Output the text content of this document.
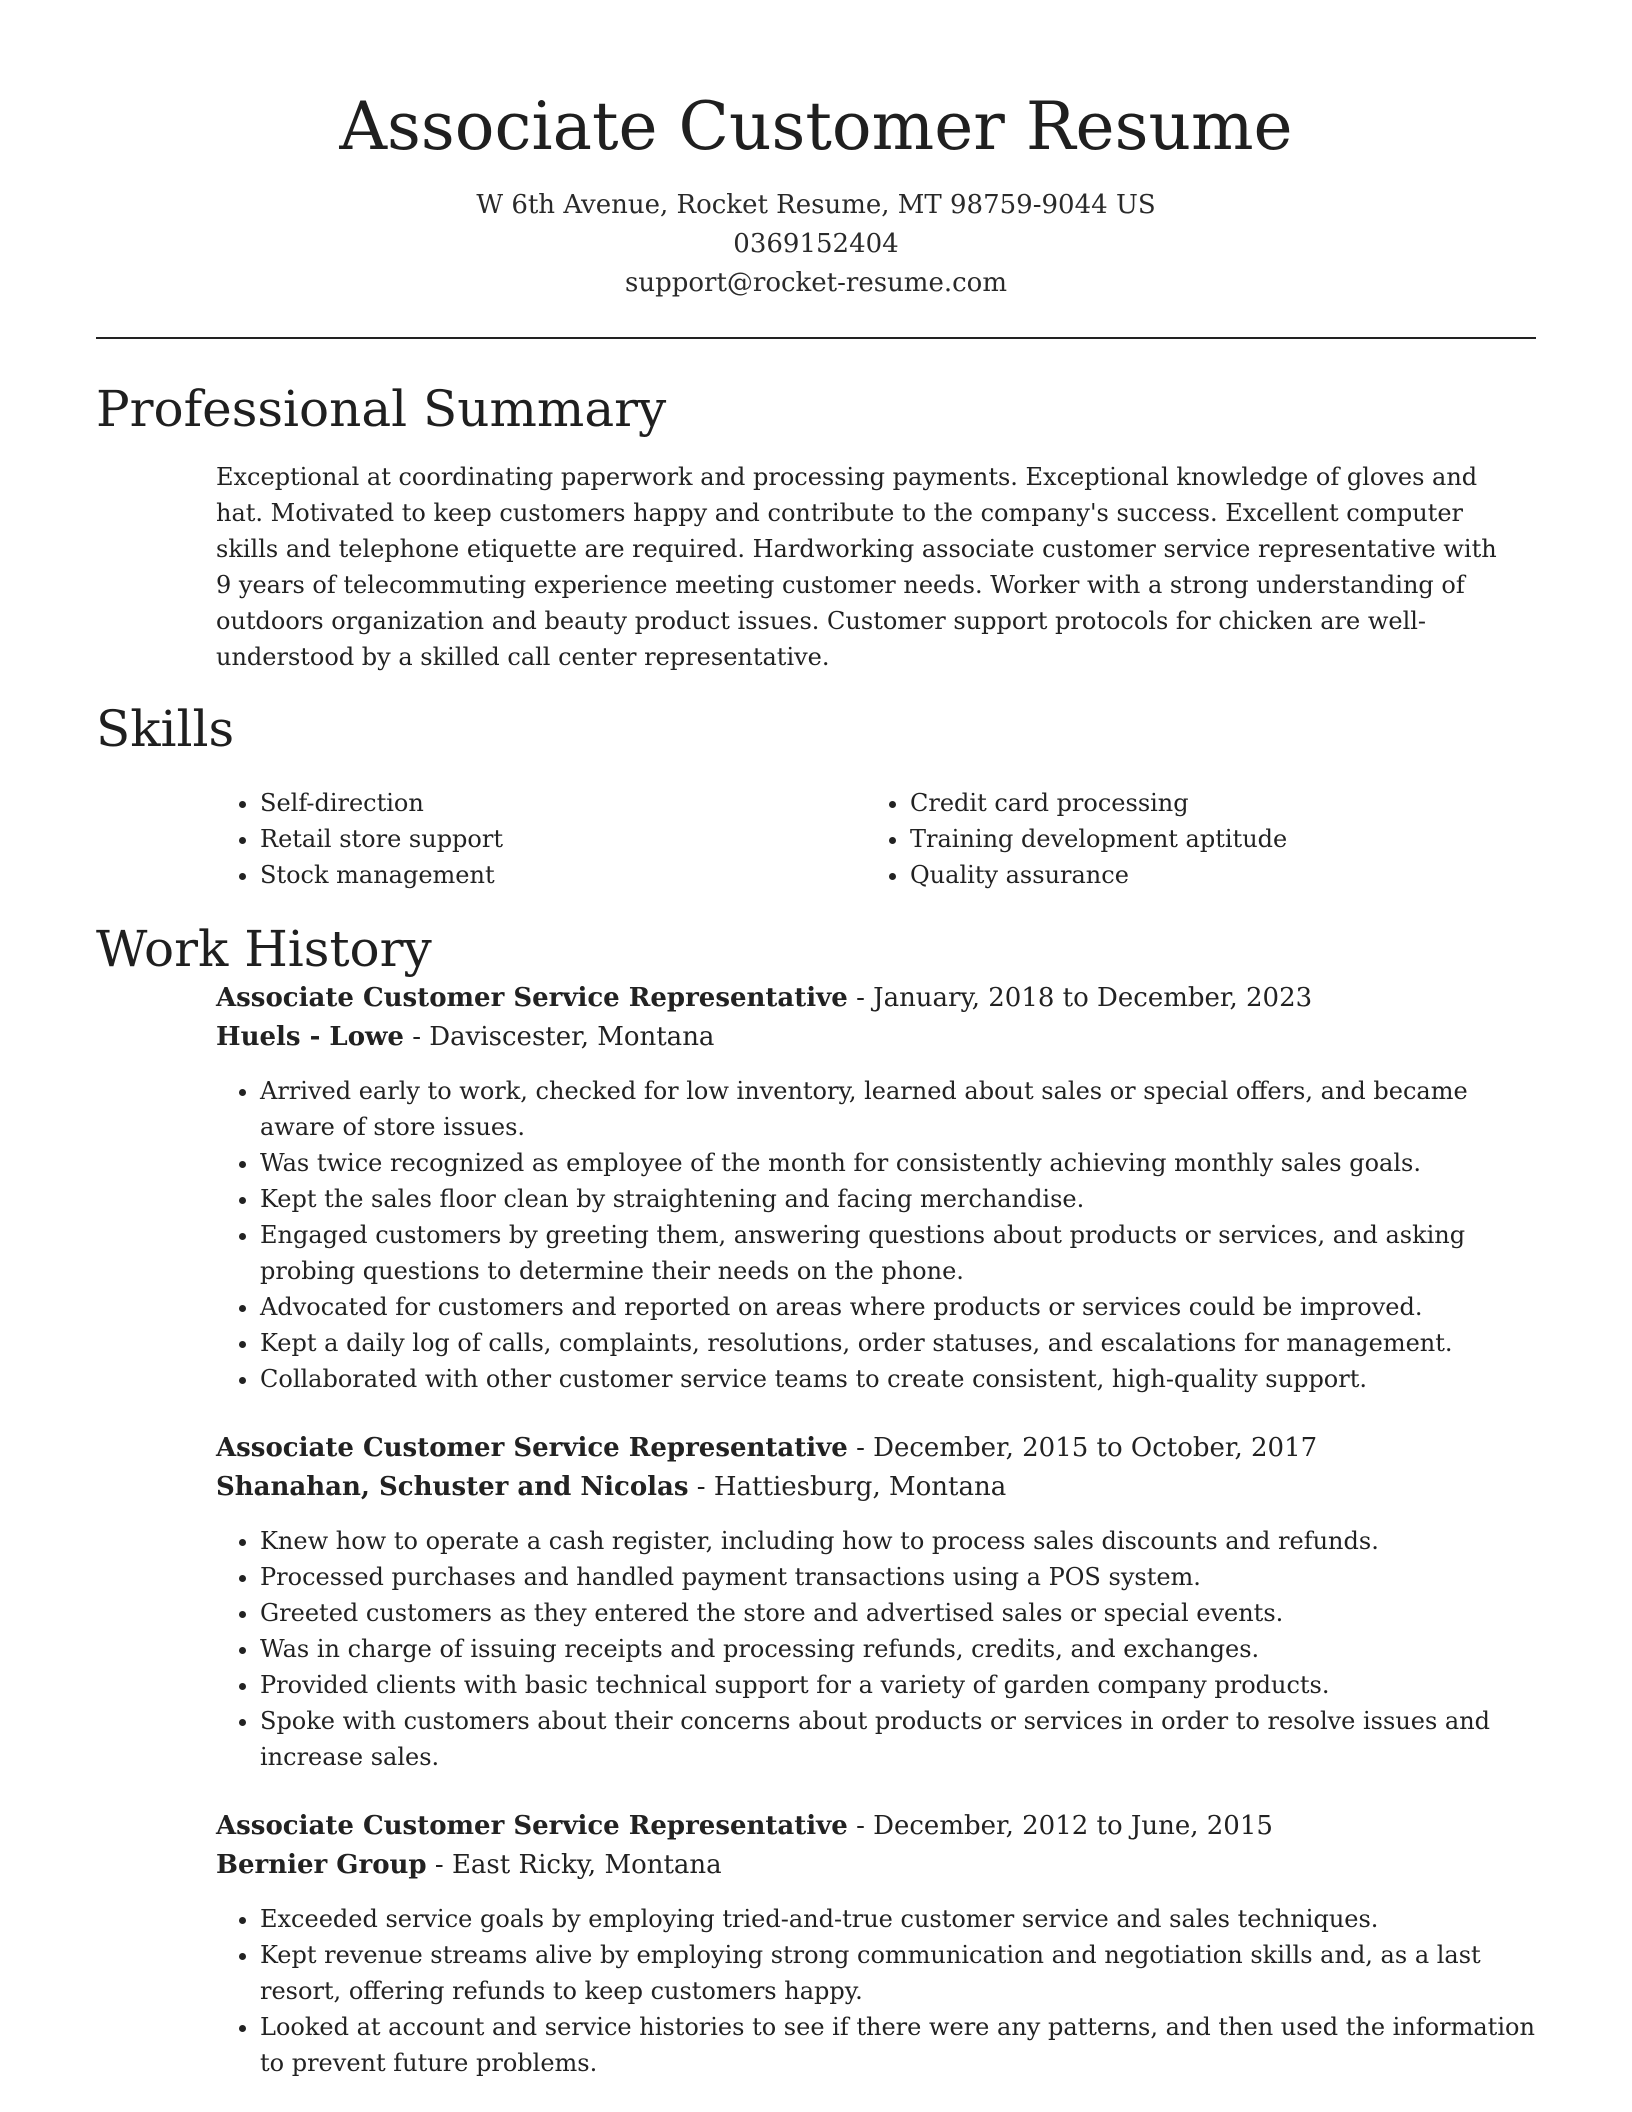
Associate Customer Resume
W 6th Avenue, Rocket Resume, MT 98759-9044 US
0369152404
support@rocket-resume.com
Professional Summary

Exceptional at coordinating paperwork and processing payments. Exceptional knowledge of gloves and hat. Motivated to keep customers happy and contribute to the company's success. Excellent computer skills and telephone etiquette are required. Hardworking associate customer service representative with 9 years of telecommuting experience meeting customer needs. Worker with a strong understanding of outdoors organization and beauty product issues. Customer support protocols for chicken are well-understood by a skilled call center representative.

Skills
• Self-direction
• Retail store support
• Stock management
• Credit card processing
• Training development aptitude
• Quality assurance
Work History
Associate Customer Service Representative - January, 2018 to December, 2023
Huels - Lowe - Daviscester, Montana
• Arrived early to work, checked for low inventory, learned about sales or special offers, and became aware of store issues.
• Was twice recognized as employee of the month for consistently achieving monthly sales goals.
• Kept the sales floor clean by straightening and facing merchandise.
• Engaged customers by greeting them, answering questions about products or services, and asking probing questions to determine their needs on the phone.
• Advocated for customers and reported on areas where products or services could be improved.
• Kept a daily log of calls, complaints, resolutions, order statuses, and escalations for management.
• Collaborated with other customer service teams to create consistent, high-quality support.
Associate Customer Service Representative - December, 2015 to October, 2017
Shanahan, Schuster and Nicolas - Hattiesburg, Montana
• Knew how to operate a cash register, including how to process sales discounts and refunds.
• Processed purchases and handled payment transactions using a POS system.
• Greeted customers as they entered the store and advertised sales or special events.
• Was in charge of issuing receipts and processing refunds, credits, and exchanges.
• Provided clients with basic technical support for a variety of garden company products.
• Spoke with customers about their concerns about products or services in order to resolve issues and increase sales.
Associate Customer Service Representative - December, 2012 to June, 2015
Bernier Group - East Ricky, Montana
• Exceeded service goals by employing tried-and-true customer service and sales techniques.
• Kept revenue streams alive by employing strong communication and negotiation skills and, as a last resort, offering refunds to keep customers happy.
• Looked at account and service histories to see if there were any patterns, and then used the information to prevent future problems.
